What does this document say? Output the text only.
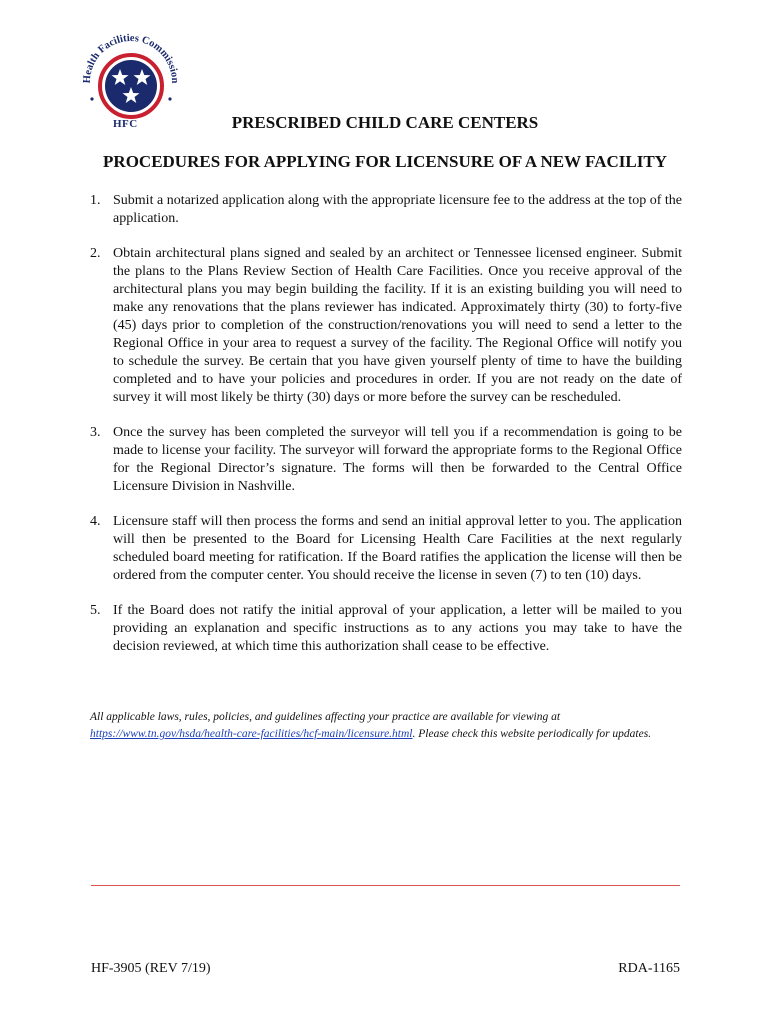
Health Facilities Commission
HFC	PRESCRIBED CHILD CARE CENTERS
PROCEDURES FOR APPLYING FOR LICENSURE OF A NEW FACILITY
1. Submit a notarized application along with the appropriate licensure fee to the address at the top of the application.
2. Obtain architectural plans signed and sealed by an architect or Tennessee licensed engineer. Submit the plans to the Plans Review Section of Health Care Facilities. Once you receive approval of the architectural plans you may begin building the facility. If it is an existing building you will need to make any renovations that the plans reviewer has indicated. Approximately thirty (30) to forty-five (45) days prior to completion of the construction/renovations you will need to send a letter to the Regional Office in your area to request a survey of the facility. The Regional Office will notify you to schedule the survey. Be certain that you have given yourself plenty of time to have the building completed and to have your policies and procedures in order. If you are not ready on the date of survey it will most likely be thirty (30) days or more before the survey can be rescheduled.
3. Once the survey has been completed the surveyor will tell you if a recommendation is going to be made to license your facility. The surveyor will forward the appropriate forms to the Regional Office for the Regional Director’s signature. The forms will then be forwarded to the Central Office Licensure Division in Nashville.
4. Licensure staff will then process the forms and send an initial approval letter to you. The application will then be presented to the Board for Licensing Health Care Facilities at the next regularly scheduled board meeting for ratification. If the Board ratifies the application the license will then be ordered from the computer center. You should receive the license in seven (7) to ten (10) days.
5. If the Board does not ratify the initial approval of your application, a letter will be mailed to you providing an explanation and specific instructions as to any actions you may take to have the decision reviewed, at which time this authorization shall cease to be effective.
All applicable laws, rules, policies, and guidelines affecting your practice are available for viewing at https://www.tn.gov/hsda/health-care-facilities/hcf-main/licensure.html. Please check this website periodically for updates.
HF-3905 (REV 7/19)	RDA-1165
